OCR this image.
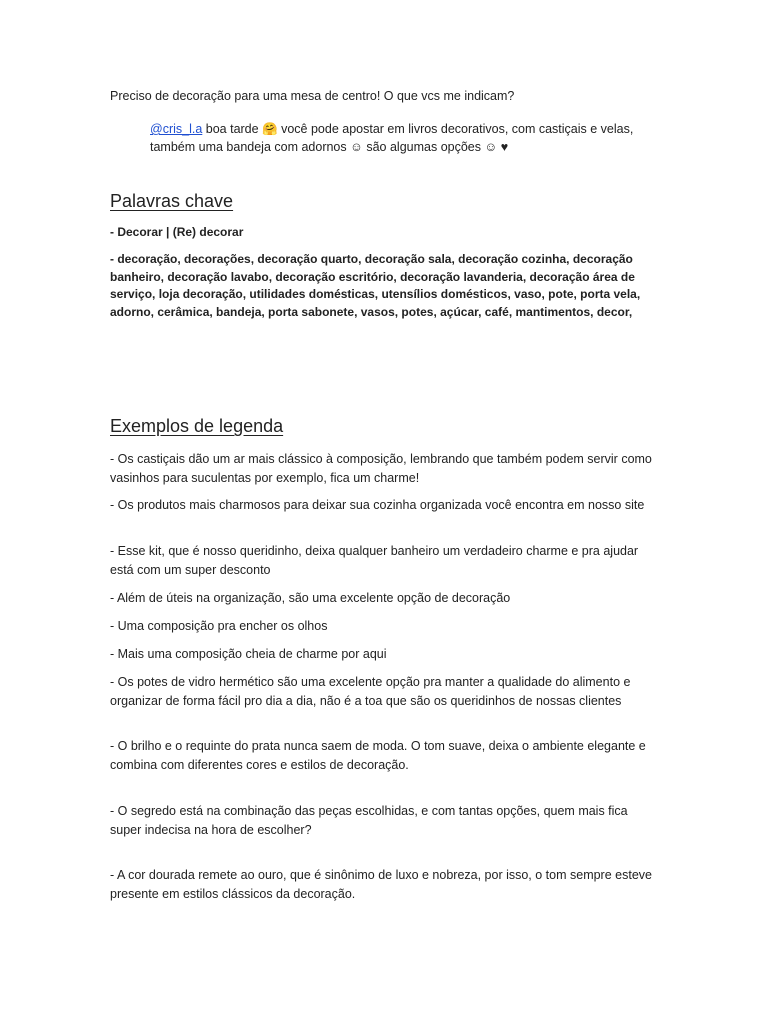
Preciso de decoração para uma mesa de centro! O que vcs me indicam?

@cris_l.a boa tarde 🤗 você pode apostar em livros decorativos, com castiçais e velas, também uma bandeja com adornos ☺ são algumas opções ☺ ♥

Palavras chave

- Decorar | (Re) decorar

- decoração, decorações, decoração quarto, decoração sala, decoração cozinha, decoração banheiro, decoração lavabo, decoração escritório, decoração lavanderia, decoração área de serviço, loja decoração, utilidades domésticas, utensílios domésticos, vaso, pote, porta vela, adorno, cerâmica, bandeja, porta sabonete, vasos, potes, açúcar, café, mantimentos, decor,

Exemplos de legenda

- Os castiçais dão um ar mais clássico à composição, lembrando que também podem servir como vasinhos para suculentas por exemplo, fica um charme!

- Os produtos mais charmosos para deixar sua cozinha organizada você encontra em nosso site

- Esse kit, que é nosso queridinho, deixa qualquer banheiro um verdadeiro charme e pra ajudar está com um super desconto

- Além de úteis na organização, são uma excelente opção de decoração

- Uma composição pra encher os olhos

- Mais uma composição cheia de charme por aqui

- Os potes de vidro hermético são uma excelente opção pra manter a qualidade do alimento e organizar de forma fácil pro dia a dia, não é a toa que são os queridinhos de nossas clientes

- O brilho e o requinte do prata nunca saem de moda. O tom suave, deixa o ambiente elegante e combina com diferentes cores e estilos de decoração.

- O segredo está na combinação das peças escolhidas, e com tantas opções, quem mais fica super indecisa na hora de escolher?

- A cor dourada remete ao ouro, que é sinônimo de luxo e nobreza, por isso, o tom sempre esteve presente em estilos clássicos da decoração.
